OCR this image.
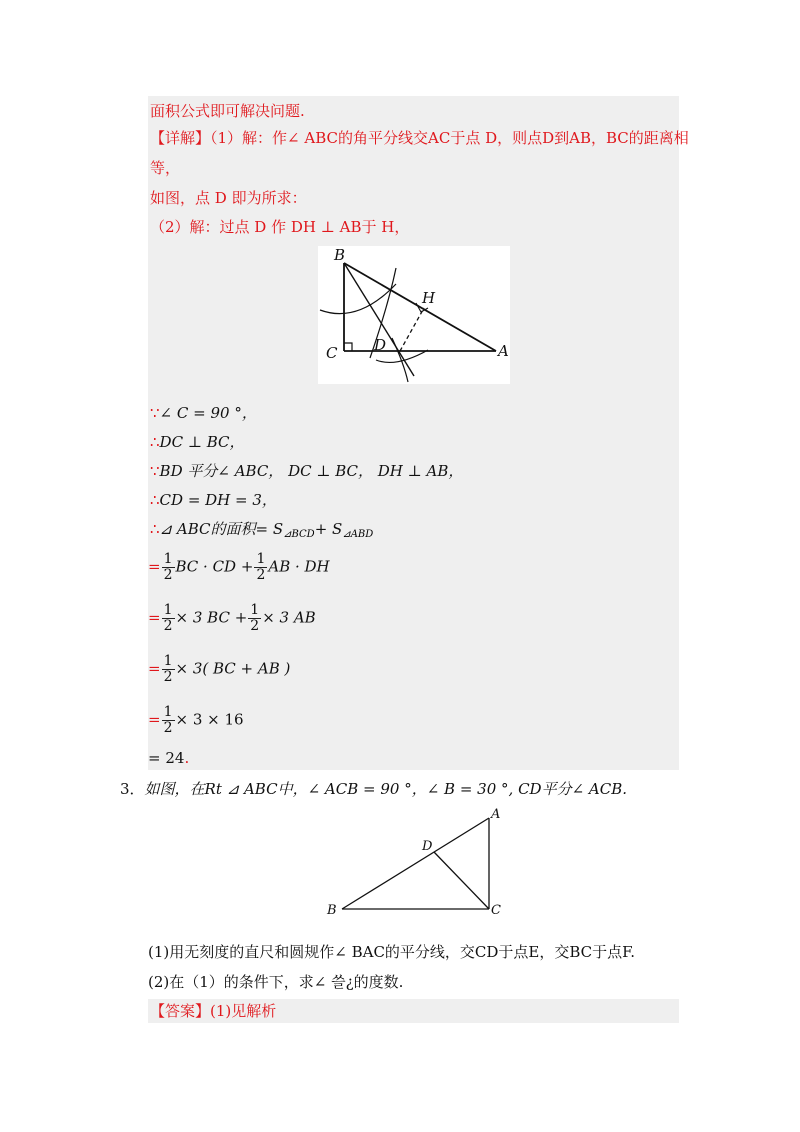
面积公式即可解决问题.
【详解】（1）解：作∠ ABC的角平分线交AC于点 D，则点D到AB，BC的距离相
等，
如图，点 D 即为所求：
（2）解：过点 D 作 DH ⊥ AB于 H，
B
H
C D	A
∵∠ C = 90 °，
∴DC ⊥ BC，
∵BD 平分∠ ABC， DC ⊥ BC， DH ⊥ AB，
∴CD = DH = 3，
∴⊿ ABC的面积= $S_{⊿BCD}+ S_{⊿ABD}$
= $\frac{1}{2}$ BC · CD + $\frac{1}{2}$ AB · DH
= $\frac{1}{2} \times 3$ BC + $\frac{1}{2} \times 3$ AB
= $\frac{1}{2} \times 3$( BC + AB )
= $\frac{1}{2} \times 3 \times 16$
= 24.
3．如图，在Rt ⊿ ABC中，∠ ACB = 90 °，∠ B = 30 °, CD平分∠ ACB.
A
D
B	C
(1)用无刻度的直尺和圆规作∠ BAC的平分线，交CD于点E，交BC于点F.
(2)在（1）的条件下，求∠ 쓸¿的度数.
【答案】(1)见解析
